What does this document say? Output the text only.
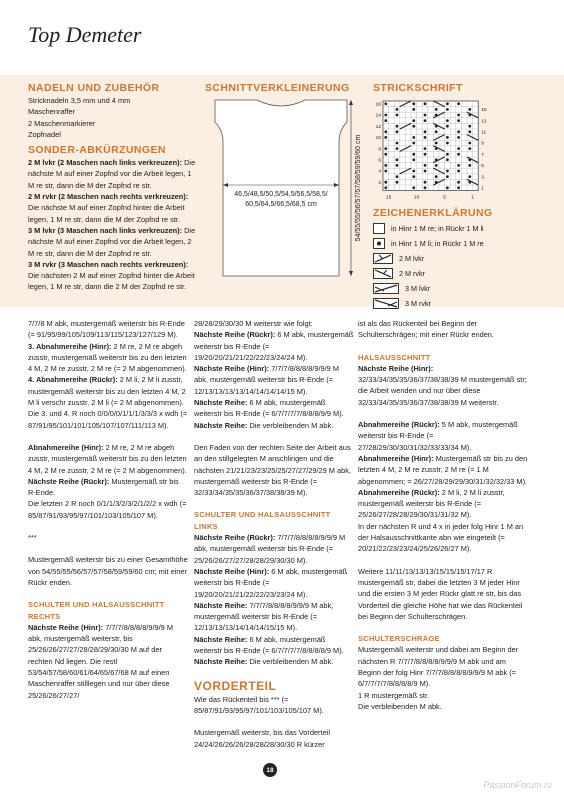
Top Demeter
NADELN UND ZUBEHÖR
Stricknadeln 3,5 mm und 4 mm
Maschenraffer
2 Maschenmarkierer
Zopfnadel
SONDER-ABKÜRZUNGEN
2 M lvkr (2 Maschen nach links verkreuzen): Die nächste M auf einer Zopfnd vor die Arbeit legen, 1 M re str, dann die M der Zopfnd re str.
2 M rvkr (2 Maschen nach rechts verkreuzen): Die nächste M auf einer Zopfnd hinter die Arbeit legen, 1 M re str, dann die M der Zopfnd re str.
3 M lvkr (3 Maschen nach links verkreuzen): Die nächste M auf einer Zopfnd vor die Arbeit legen, 2 M re str, dann die M der Zopfnd re str.
3 M rvkr (3 Maschen nach rechts verkreuzen): Die nächsten 2 M auf einer Zopfnd hinter die Arbeit legen, 1 M re str, dann die 2 M der Zopfnd re str.
SCHNITTVERKLEINERUNG
46,5/48,5/50,5/54,5/56,5/58,5/
60,5/64,5/66,5/68,5 cm	54/55/55/56/57/57/58/59/59/60 cm
STRICKSCHRIFT
16
14
12
10
8
6
4
2
15
13
11
9
7
5
3
1
15	10	5	1
ZEICHENERKLÄRUNG
in Hinr 1 M re; in Rückr 1 M li
in Hinr 1 M li; in Rückr 1 M re
2 M lvkr
2 M rvkr
3 M lvkr
3 M rvkr

7/7/8 M abk, mustergemäß weiterstr bis R-Ende (= 91/95/99/105/109/113/115/123/127/129 M).

3. Abnahmereihe (Hinr): 2 M re, 2 M re abgeh zusstr, mustergemäß weiterstr bis zu den letzten 4 M, 2 M re zusstr, 2 M re (= 2 M abgenommen).

4. Abnahmereihe (Rückr): 2 M li, 2 M li zusstr, mustergemäß weiterstr bis zu den letzten 4 M, 2 M li verschr zusstr, 2 M li (= 2 M abgenommen).

Die 3. und 4. R noch 0/0/0/0/1/1/1/3/3/3 x wdh (= 87/91/95/101/101/105/107/107/111/113 M).

Abnahmereihe (Hinr): 2 M re, 2 M re abgeh zusstr, mustergemäß weiterstr bis zu den letzten 4 M, 2 M re zusstr, 2 M re (= 2 M abgenommen).

Nächste Reihe (Rückr): Mustergemäß str bis R-Ende.

Die letzten 2 R noch 0/1/1/3/2/3/2/1/2/2 x wdh (= 85/87/91/93/95/97/101/103/105/107 M).

***

Mustergemäß weiterstr bis zu einer Gesamthöhe von 54/55/55/56/57/57/58/59/59/60 cm; mit einer Rückr enden.

SCHULTER UND HALSAUSSCHNITT RECHTS

Nächste Reihe (Hinr): 7/7/7/8/8/8/8/9/9/9 M abk, mustergemäß weiterstr, bis 25/26/26/27/27/28/28/29/30/30 M auf der rechten Nd liegen. Die restl 53/54/57/58/60/61/64/65/67/68 M auf einen Maschenraffer stilllegen und nur über diese 25/26/26/27/27/

28/28/29/30/30 M weiterstr wie folgt:

Nächste Reihe (Rückr): 6 M abk, mustergemäß weiterstr bis R-Ende (= 19/20/20/21/21/22/22/23/24/24 M).

Nächste Reihe (Hinr): 7/7/7/8/8/8/8/9/9/9 M abk, mustergemäß weiterstr bis R-Ende (= 12/13/13/13/13/14/14/14/14/15 M).

Nächste Reihe: 6 M abk, mustergemäß weiterstr bis R-Ende (= 6/7/7/7/7/8/8/8/9/9 M).

Nächste Reihe: Die verbleibenden M abk.

Den Faden von der rechten Seite der Arbeit aus an den stillgelegten M anschlingen und die nächsten 21/21/23/23/25/25/27/27/29/29 M abk, mustergemäß weiterstr bis R-Ende (= 32/33/34/35/35/36/37/38/38/39 M).

SCHULTER UND HALSAUSSCHNITT LINKS

Nächste Reihe (Rückr): 7/7/7/8/8/8/8/9/9/9 M abk, mustergemäß weiterstr bis R-Ende (= 25/26/26/27/27/28/28/29/30/30 M).

Nächste Reihe (Hinr): 6 M abk, mustergemäß weiterstr bis R-Ende (= 19/20/20/21/21/22/22/23/23/24 M).

Nächste Reihe: 7/7/7/8/8/8/8/9/9/9 M abk, mustergemäß weiterstr bis R-Ende (= 12/13/13/13/14/14/14/15/15 M).

Nächste Reihe: 6 M abk, mustergemäß weiterstr bis R-Ende (= 6/7/7/7/7/8/8/8/8/9 M).

Nächste Reihe: Die verbleibenden M abk.

VORDERTEIL

Wie das Rückenteil bis *** (= 85/87/91/93/95/97/101/103/105/107 M).

Mustergemäß weiterstr, bis das Vorderteil 24/24/26/26/26/28/28/28/30/30 R kürzer

ist als das Rückenteil bei Beginn der Schulterschrägen; mit einer Rückr enden.

HALSAUSSCHNITT

Nächste Reihe (Hinr): 32/33/34/35/35/36/37/38/38/39 M mustergemäß str; die Arbeit wenden und nur über diese 32/33/34/35/35/36/37/38/38/39 M weiterstr.

Abnahmereihe (Rückr): 5 M abk, mustergemäß weiterstr bis R-Ende (= 27/28/29/30/30/31/32/33/33/34 M).

Abnahmereihe (Hinr): Mustergemäß str bis zu den letzten 4 M, 2 M re zusstr, 2 M re (= 1 M abgenommen; = 26/27/28/29/29/30/31/32/32/33 M).

Abnahmereihe (Rückr): 2 M li, 2 M li zusstr, mustergemäß weiterstr bis R-Ende (= 25/26/27/28/28/29/30/31/31/32 M).

In der nächsten R und 4 x in jeder folg Hinr 1 M an der Halsausschnittkante abn wie eingeteilt (= 20/21/22/23/23/24/25/26/26/27 M).

Weitere 11/11/13/13/13/15/15/15/17/17 R mustergemäß str, dabei die letzten 3 M jeder Hinr und die ersten 3 M jeder Rückr glatt re str, bis das Vorderteil die gleiche Höhe hat wie das Rückenteil bei Beginn der Schulterschrägen.

SCHULTERSCHRÄGE

Mustergemäß weiterstr und dabei am Beginn der nächsten R 7/7/7/8/8/8/8/9/9/9 M abk und am Beginn der folg Hinr 7/7/7/8/8/8/8/9/9/9 M abk (= 6/7/7/7/7/8/8/8/8/9 M).

1 R mustergemäß str.

Die verbleibenden M abk.

18
PassionForum.ru
